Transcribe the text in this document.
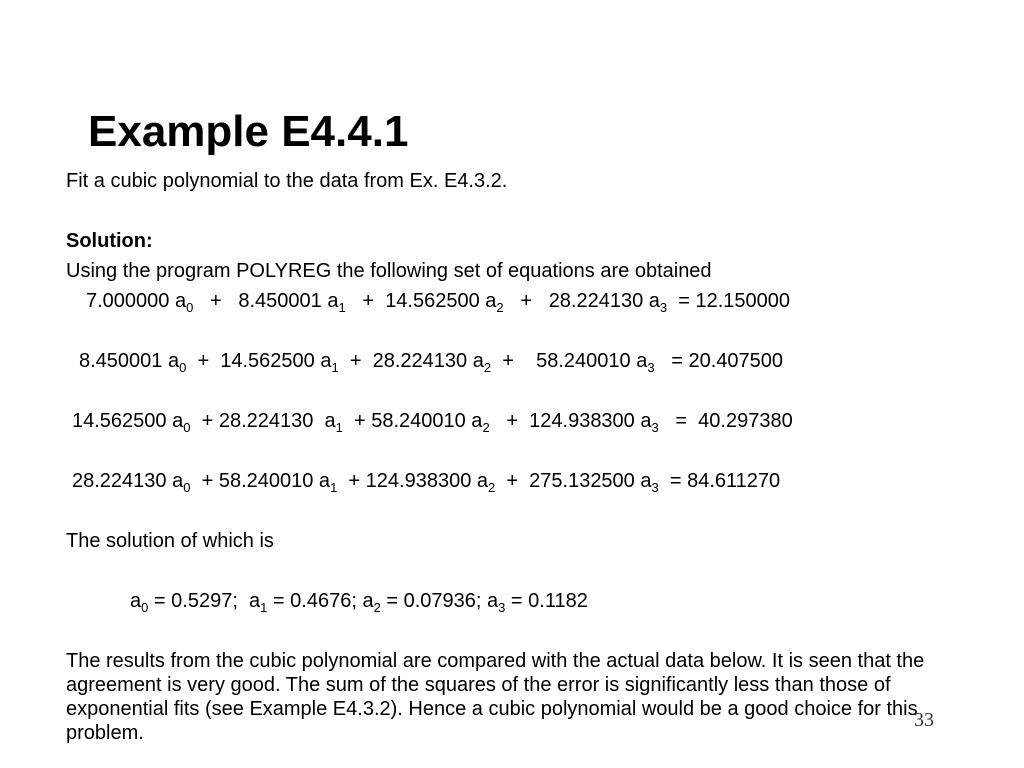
Example E4.4.1
Fit a cubic polynomial to the data from Ex. E4.3.2.
Solution:
Using the program POLYREG the following set of equations are obtained
7.000000 $a_0 + 8.450001$ $a_1 + 14.562500$ $a_2 + 28.224130$ $a_3 = 12.150000$
8.450001 $a_0 + 14.562500$ $a_1 + 28.224130$ $a_2$  +    58.240010 $a_3 = 20.407500$
14.562500 $a_0 + 28.224130$  $a_1 + 58.240010$ $a_2 + 124.938300$ $a_3 = 40.297380$
28.224130 $a_0 + 58.240010$ $a_1 + 124.938300$ $a_2 + 275.132500$ $a_3 = 84.611270$
The solution of which is
$a_0 = 0.5297$;  $a_1 = 0.4676$; $a_2 = 0.07936$; $a_3 = 0.1182$
The results from the cubic polynomial are compared with the actual data below. It is seen that the agreement is very good. The sum of the squares of the error is significantly less than those of exponential fits (see Example E4.3.2). Hence a cubic polynomial would be a good choice for this problem.
33
